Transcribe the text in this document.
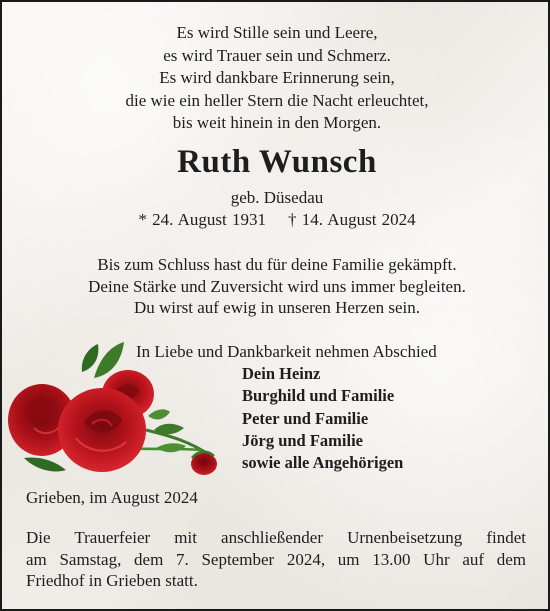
Es wird Stille sein und Leere,
es wird Trauer sein und Schmerz.
Es wird dankbare Erinnerung sein,
die wie ein heller Stern die Nacht erleuchtet,
bis weit hinein in den Morgen.
Ruth Wunsch
geb. Düsedau
* 24. August 1931 † 14. August 2024
Bis zum Schluss hast du für deine Familie gekämpft.
Deine Stärke und Zuversicht wird uns immer begleiten.
Du wirst auf ewig in unseren Herzen sein.
In Liebe und Dankbarkeit nehmen Abschied
Dein Heinz
Burghild und Familie
Peter und Familie
Jörg und Familie
sowie alle Angehörigen
Grieben, im August 2024
Die Trauerfeier mit anschließender Urnenbeisetzung findet
am Samstag, dem 7. September 2024, um 13.00 Uhr auf dem
Friedhof in Grieben statt.
